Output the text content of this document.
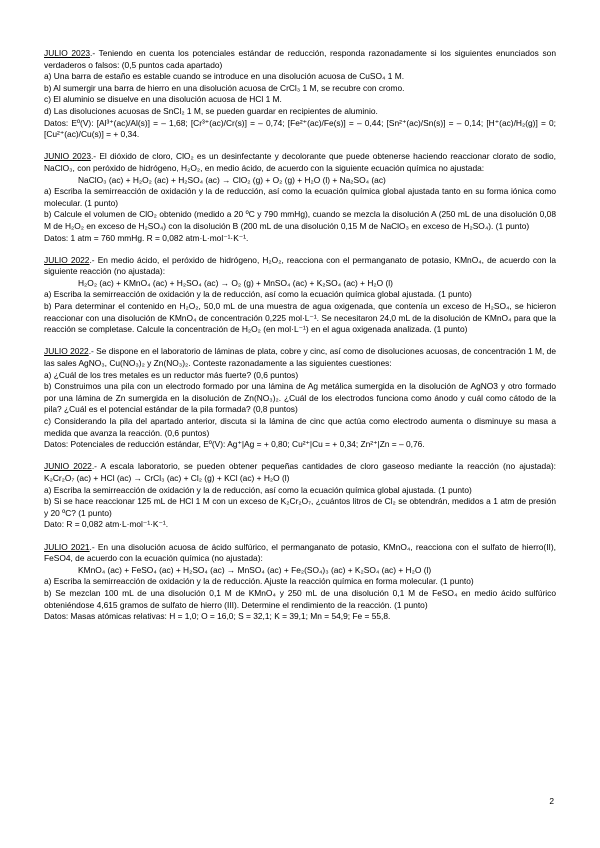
JULIO 2023.- Teniendo en cuenta los potenciales estándar de reducción, responda razonadamente si los siguientes enunciados son verdaderos o falsos: (0,5 puntos cada apartado)

a) Una barra de estaño es estable cuando se introduce en una disolución acuosa de CuSO₄ 1 M.

b) Al sumergir una barra de hierro en una disolución acuosa de CrCl₃ 1 M, se recubre con cromo.

c) El aluminio se disuelve en una disolución acuosa de HCl 1 M.

d) Las disoluciones acuosas de SnCl₂ 1 M, se pueden guardar en recipientes de aluminio.

Datos: Eº(V): [Al³⁺(ac)/Al(s)] = – 1,68; [Cr³⁺(ac)/Cr(s)] = – 0,74; [Fe²⁺(ac)/Fe(s)] = – 0,44; [Sn²⁺(ac)/Sn(s)] = – 0,14; [H⁺(ac)/H₂(g)] = 0; [Cu²⁺(ac)/Cu(s)] = + 0,34.

JUNIO 2023.- El dióxido de cloro, ClO₂ es un desinfectante y decolorante que puede obtenerse haciendo reaccionar clorato de sodio, NaClO₃, con peróxido de hidrógeno, H₂O₂, en medio ácido, de acuerdo con la siguiente ecuación química no ajustada:

NaClO₃ (ac) + H₂O₂ (ac) + H₂SO₄ (ac) → ClO₂ (g) + O₂ (g) + H₂O (l) + Na₂SO₄ (ac)

a) Escriba la semirreacción de oxidación y la de reducción, así como la ecuación química global ajustada tanto en su forma iónica como molecular. (1 punto)

b) Calcule el volumen de ClO₂ obtenido (medido a 20 ºC y 790 mmHg), cuando se mezcla la disolución A (250 mL de una disolución 0,08 M de H₂O₂ en exceso de H₂SO₄) con la disolución B (200 mL de una disolución 0,15 M de NaClO₃ en exceso de H₂SO₄). (1 punto)

Datos: 1 atm = 760 mmHg. R = 0,082 atm·L·mol⁻¹·K⁻¹.

JULIO 2022.- En medio ácido, el peróxido de hidrógeno, H₂O₂, reacciona con el permanganato de potasio, KMnO₄, de acuerdo con la siguiente reacción (no ajustada):

H₂O₂ (ac) + KMnO₄ (ac) + H₂SO₄ (ac) → O₂ (g) + MnSO₄ (ac) + K₂SO₄ (ac) + H₂O (l)

a) Escriba la semirreacción de oxidación y la de reducción, así como la ecuación química global ajustada. (1 punto)

b) Para determinar el contenido en H₂O₂, 50,0 mL de una muestra de agua oxigenada, que contenía un exceso de H₂SO₄, se hicieron reaccionar con una disolución de KMnO₄ de concentración 0,225 mol·L⁻¹. Se necesitaron 24,0 mL de la disolución de KMnO₄ para que la reacción se completase. Calcule la concentración de H₂O₂ (en mol·L⁻¹) en el agua oxigenada analizada. (1 punto)

JULIO 2022.- Se dispone en el laboratorio de láminas de plata, cobre y cinc, así como de disoluciones acuosas, de concentración 1 M, de las sales AgNO₃, Cu(NO₃)₂ y Zn(NO₃)₂. Conteste razonadamente a las siguientes cuestiones:

a) ¿Cuál de los tres metales es un reductor más fuerte? (0,6 puntos)

b) Construimos una pila con un electrodo formado por una lámina de Ag metálica sumergida en la disolución de AgNO3 y otro formado por una lámina de Zn sumergida en la disolución de Zn(NO₃)₂. ¿Cuál de los electrodos funciona como ánodo y cuál como cátodo de la pila? ¿Cuál es el potencial estándar de la pila formada? (0,8 puntos)

c) Considerando la pila del apartado anterior, discuta si la lámina de cinc que actúa como electrodo aumenta o disminuye su masa a medida que avanza la reacción. (0,6 puntos)

Datos: Potenciales de reducción estándar, Eº(V): Ag⁺|Ag = + 0,80; Cu²⁺|Cu = + 0,34; Zn²⁺|Zn = – 0,76.

JUNIO 2022.- A escala laboratorio, se pueden obtener pequeñas cantidades de cloro gaseoso mediante la reacción (no ajustada): K₂Cr₂O₇ (ac) + HCl (ac) → CrCl₃ (ac) + Cl₂ (g) + KCl (ac) + H₂O (l)

a) Escriba la semirreacción de oxidación y la de reducción, así como la ecuación química global ajustada. (1 punto)

b) Si se hace reaccionar 125 mL de HCl 1 M con un exceso de K₂Cr₂O₇, ¿cuántos litros de Cl₂ se obtendrán, medidos a 1 atm de presión y 20 ºC? (1 punto)

Dato: R = 0,082 atm·L·mol⁻¹·K⁻¹.

JULIO 2021.- En una disolución acuosa de ácido sulfúrico, el permanganato de potasio, KMnO₄, reacciona con el sulfato de hierro(II), FeSO4, de acuerdo con la ecuación química (no ajustada):

KMnO₄ (ac) + FeSO₄ (ac) + H₂SO₄ (ac) → MnSO₄ (ac) + Fe₂(SO₄)₃ (ac) + K₂SO₄ (ac) + H₂O (l)

a) Escriba la semirreacción de oxidación y la de reducción. Ajuste la reacción química en forma molecular. (1 punto)

b) Se mezclan 100 mL de una disolución 0,1 M de KMnO₄ y 250 mL de una disolución 0,1 M de FeSO₄ en medio ácido sulfúrico obteniéndose 4,615 gramos de sulfato de hierro (III). Determine el rendimiento de la reacción. (1 punto)

Datos: Masas atómicas relativas: H = 1,0; O = 16,0; S = 32,1; K = 39,1; Mn = 54,9; Fe = 55,8.

2
